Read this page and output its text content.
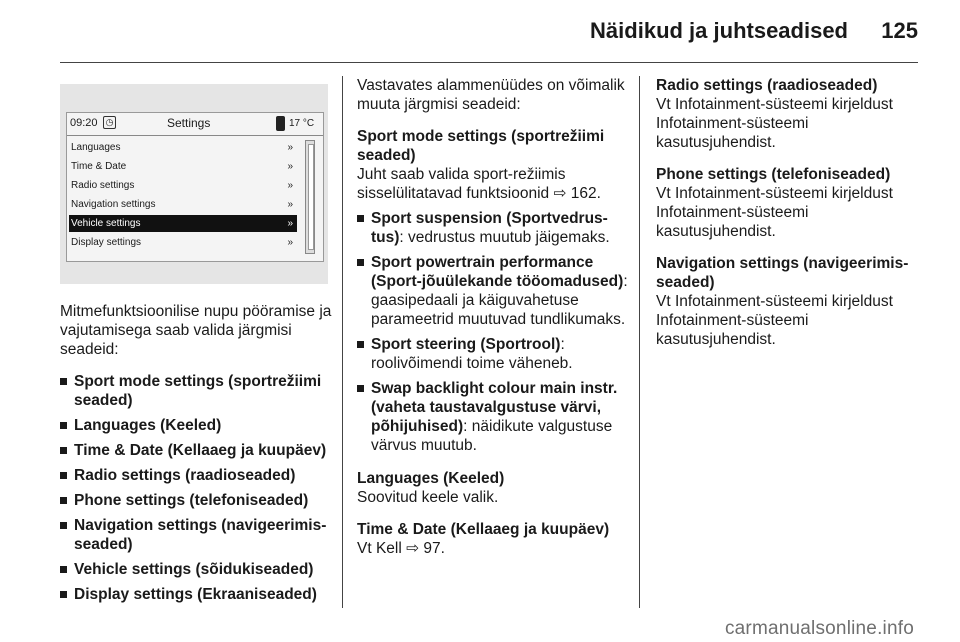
Näidikud ja juhtseadised 125
09:20 ◷	Settings	17 °C
Languages	»
Time & Date	»
Radio settings	»
Navigation settings	»
Vehicle settings	»
Display settings	»

Mitmefunktsioonilise nupu pööramise ja vajutamisega saab valida järgmisi seadeid:

Sport mode settings (sportrežiimi seaded)
Languages (Keeled)
Time & Date (Kellaaeg ja kuupäev)
Radio settings (raadioseaded)
Phone settings (telefoniseaded)
Navigation settings (navigeerimis-seaded)
Vehicle settings (sõidukiseaded)
Display settings (Ekraaniseaded)

Vastavates alammenüüdes on võimalik muuta järgmisi seadeid:

Sport mode settings (sportrežiimi seaded)
Juht saab valida sport-režiimis sisselülitatavad funktsioonid ⇨ 162.

Sport suspension (Sportvedrus-tus): vedrustus muutub jäigemaks.
Sport powertrain performance (Sport-jõuülekande tööomadused): gaasipedaali ja käiguvahetuse parameetrid muutuvad tundlikumaks.
Sport steering (Sportrool): roolivõimendi toime väheneb.
Swap backlight colour main instr. (vaheta taustavalgustuse värvi, põhijuhised): näidikute valgustuse värvus muutub.

Languages (Keeled)
Soovitud keele valik.

Time & Date (Kellaaeg ja kuupäev)
Vt Kell ⇨ 97.

Radio settings (raadioseaded)
Vt Infotainment-süsteemi kirjeldust Infotainment-süsteemi kasutusjuhendist.

Phone settings (telefoniseaded)
Vt Infotainment-süsteemi kirjeldust Infotainment-süsteemi kasutusjuhendist.

Navigation settings (navigeerimis-seaded)
Vt Infotainment-süsteemi kirjeldust Infotainment-süsteemi kasutusjuhendist.

carmanualsonline.info
